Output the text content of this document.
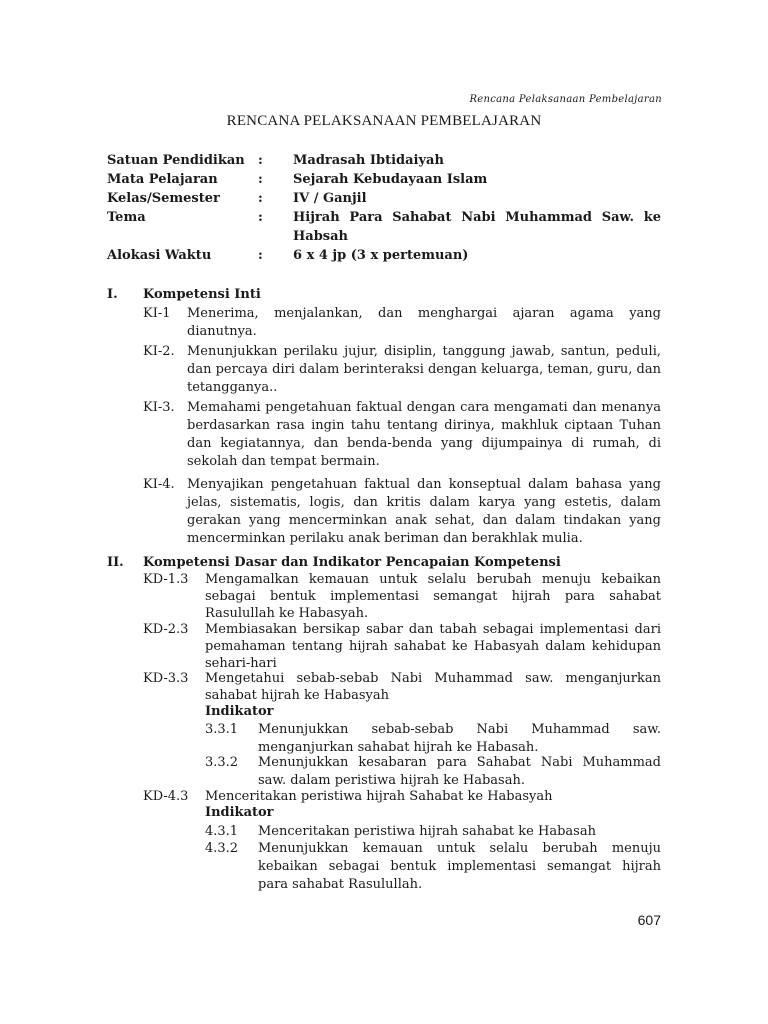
Rencana Pelaksanaan Pembelajaran
RENCANA PELAKSANAAN PEMBELAJARAN
Satuan Pendidikan : Madrasah Ibtidaiyah
Mata Pelajaran	: Sejarah Kebudayaan Islam
Kelas/Semester	: IV / Ganjil
Tema	: Hijrah Para Sahabat Nabi Muhammad Saw. ke Habsah
Alokasi Waktu	: 6 x 4 jp (3 x pertemuan)
I. Kompetensi Inti
KI-1 Menerima, menjalankan, dan menghargai ajaran agama yang dianutnya.
KI-2. Menunjukkan perilaku jujur, disiplin, tanggung jawab, santun, peduli, dan percaya diri dalam berinteraksi dengan keluarga, teman, guru, dan tetangganya..
KI-3. Memahami pengetahuan faktual dengan cara mengamati dan menanya berdasarkan rasa ingin tahu tentang dirinya, makhluk ciptaan Tuhan dan kegiatannya, dan benda-benda yang dijumpainya di rumah, di sekolah dan tempat bermain.
KI-4. Menyajikan pengetahuan faktual dan konseptual dalam bahasa yang jelas, sistematis, logis, dan kritis dalam karya yang estetis, dalam gerakan yang mencerminkan anak sehat, dan dalam tindakan yang mencerminkan perilaku anak beriman dan berakhlak mulia.
II. Kompetensi Dasar dan Indikator Pencapaian Kompetensi
KD-1.3 Mengamalkan kemauan untuk selalu berubah menuju kebaikan sebagai bentuk implementasi semangat hijrah para sahabat Rasulullah ke Habasyah.
KD-2.3 Membiasakan bersikap sabar dan tabah sebagai implementasi dari pemahaman tentang hijrah sahabat ke Habasyah dalam kehidupan sehari-hari
KD-3.3 Mengetahui sebab-sebab Nabi Muhammad saw. menganjurkan sahabat hijrah ke Habasyah
Indikator
3.3.1 Menunjukkan sebab-sebab Nabi Muhammad saw. menganjurkan sahabat hijrah ke Habasah.
3.3.2 Menunjukkan kesabaran para Sahabat Nabi Muhammad saw. dalam peristiwa hijrah ke Habasah.
KD-4.3 Menceritakan peristiwa hijrah Sahabat ke Habasyah
Indikator
4.3.1 Menceritakan peristiwa hijrah sahabat ke Habasah
4.3.2 Menunjukkan kemauan untuk selalu berubah menuju kebaikan sebagai bentuk implementasi semangat hijrah para sahabat Rasulullah.
607
